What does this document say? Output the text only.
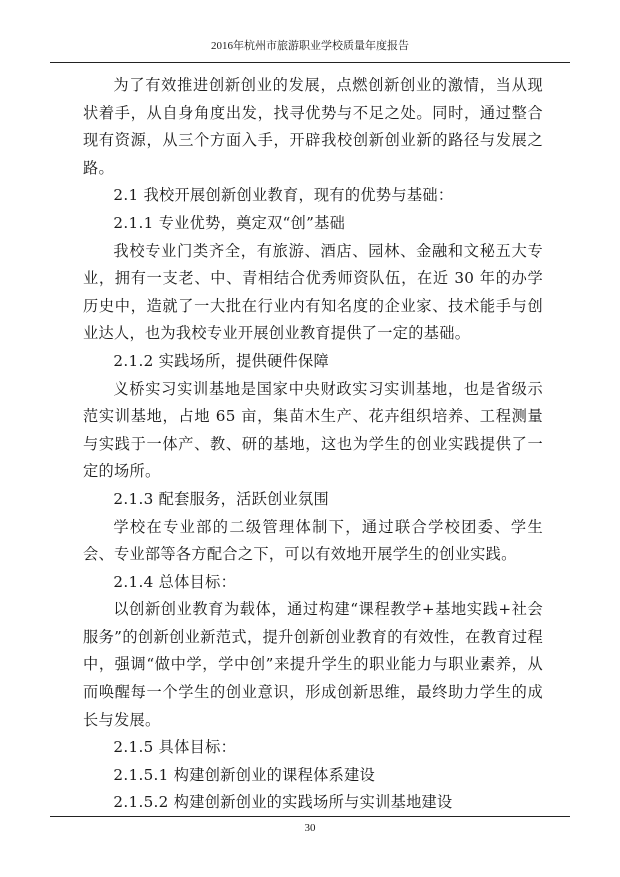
2016年杭州市旅游职业学校质量年度报告

为了有效推进创新创业的发展，点燃创新创业的激情，当从现状着手，从自身角度出发，找寻优势与不足之处。同时，通过整合现有资源，从三个方面入手，开辟我校创新创业新的路径与发展之路。

2.1 我校开展创新创业教育，现有的优势与基础：

2.1.1 专业优势，奠定双“创”基础

我校专业门类齐全，有旅游、酒店、园林、金融和文秘五大专业，拥有一支老、中、青相结合优秀师资队伍，在近 30 年的办学历史中，造就了一大批在行业内有知名度的企业家、技术能手与创业达人，也为我校专业开展创业教育提供了一定的基础。

2.1.2 实践场所，提供硬件保障

义桥实习实训基地是国家中央财政实习实训基地，也是省级示范实训基地，占地 65 亩，集苗木生产、花卉组织培养、工程测量与实践于一体产、教、研的基地，这也为学生的创业实践提供了一定的场所。

2.1.3 配套服务，活跃创业氛围

学校在专业部的二级管理体制下，通过联合学校团委、学生会、专业部等各方配合之下，可以有效地开展学生的创业实践。

2.1.4 总体目标：

以创新创业教育为载体，通过构建“课程教学+基地实践+社会服务”的创新创业新范式，提升创新创业教育的有效性，在教育过程中，强调“做中学，学中创”来提升学生的职业能力与职业素养，从而唤醒每一个学生的创业意识，形成创新思维，最终助力学生的成长与发展。

2.1.5 具体目标：

2.1.5.1 构建创新创业的课程体系建设

2.1.5.2 构建创新创业的实践场所与实训基地建设

30
